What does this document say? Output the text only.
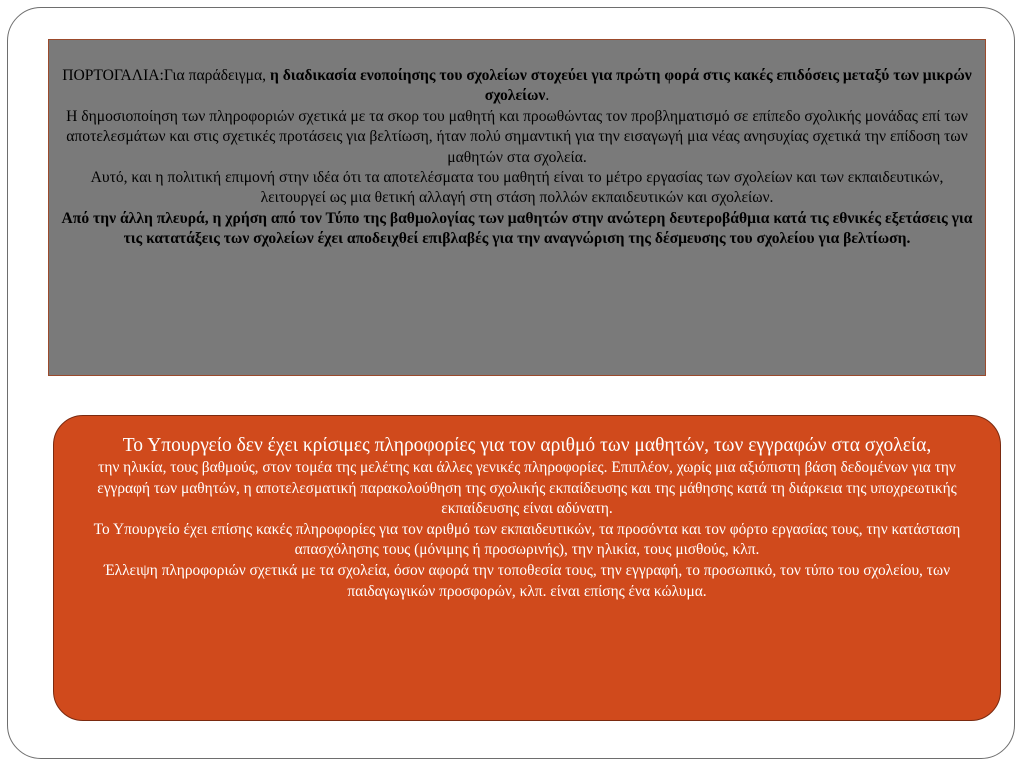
ΠΟΡΤΟΓΑΛΙΑ:Για παράδειγμα, η διαδικασία ενοποίησης του σχολείων στοχεύει για πρώτη φορά στις κακές επιδόσεις μεταξύ των μικρών σχολείων.

Η δημοσιοποίηση των πληροφοριών σχετικά με τα σκορ του μαθητή και προωθώντας τον προβληματισμό σε επίπεδο σχολικής μονάδας επί των αποτελεσμάτων και στις σχετικές προτάσεις για βελτίωση, ήταν πολύ σημαντική για την εισαγωγή μια νέας ανησυχίας σχετικά την επίδοση των μαθητών στα σχολεία.

Αυτό, και η πολιτική επιμονή στην ιδέα ότι τα αποτελέσματα του μαθητή είναι το μέτρο εργασίας των σχολείων και των εκπαιδευτικών,

λειτουργεί ως μια θετική αλλαγή στη στάση πολλών εκπαιδευτικών και σχολείων.

Από την άλλη πλευρά, η χρήση από τον Τύπο της βαθμολογίας των μαθητών στην ανώτερη δευτεροβάθμια κατά τις εθνικές εξετάσεις για τις κατατάξεις των σχολείων έχει αποδειχθεί επιβλαβές για την αναγνώριση της δέσμευσης του σχολείου για βελτίωση.

Το Υπουργείο δεν έχει κρίσιμες πληροφορίες για τον αριθμό των μαθητών, των εγγραφών στα σχολεία,

την ηλικία, τους βαθμούς, στον τομέα της μελέτης και άλλες γενικές πληροφορίες. Επιπλέον, χωρίς μια αξιόπιστη βάση δεδομένων για την εγγραφή των μαθητών, η αποτελεσματική παρακολούθηση της σχολικής εκπαίδευσης και της μάθησης κατά τη διάρκεια της υποχρεωτικής εκπαίδευσης είναι αδύνατη.

Το Υπουργείο έχει επίσης κακές πληροφορίες για τον αριθμό των εκπαιδευτικών, τα προσόντα και τον φόρτο εργασίας τους, την κατάσταση απασχόλησης τους (μόνιμης ή προσωρινής), την ηλικία, τους μισθούς, κλπ.

Έλλειψη πληροφοριών σχετικά με τα σχολεία, όσον αφορά την τοποθεσία τους, την εγγραφή, το προσωπικό, τον τύπο του σχολείου, των παιδαγωγικών προσφορών, κλπ. είναι επίσης ένα κώλυμα.
